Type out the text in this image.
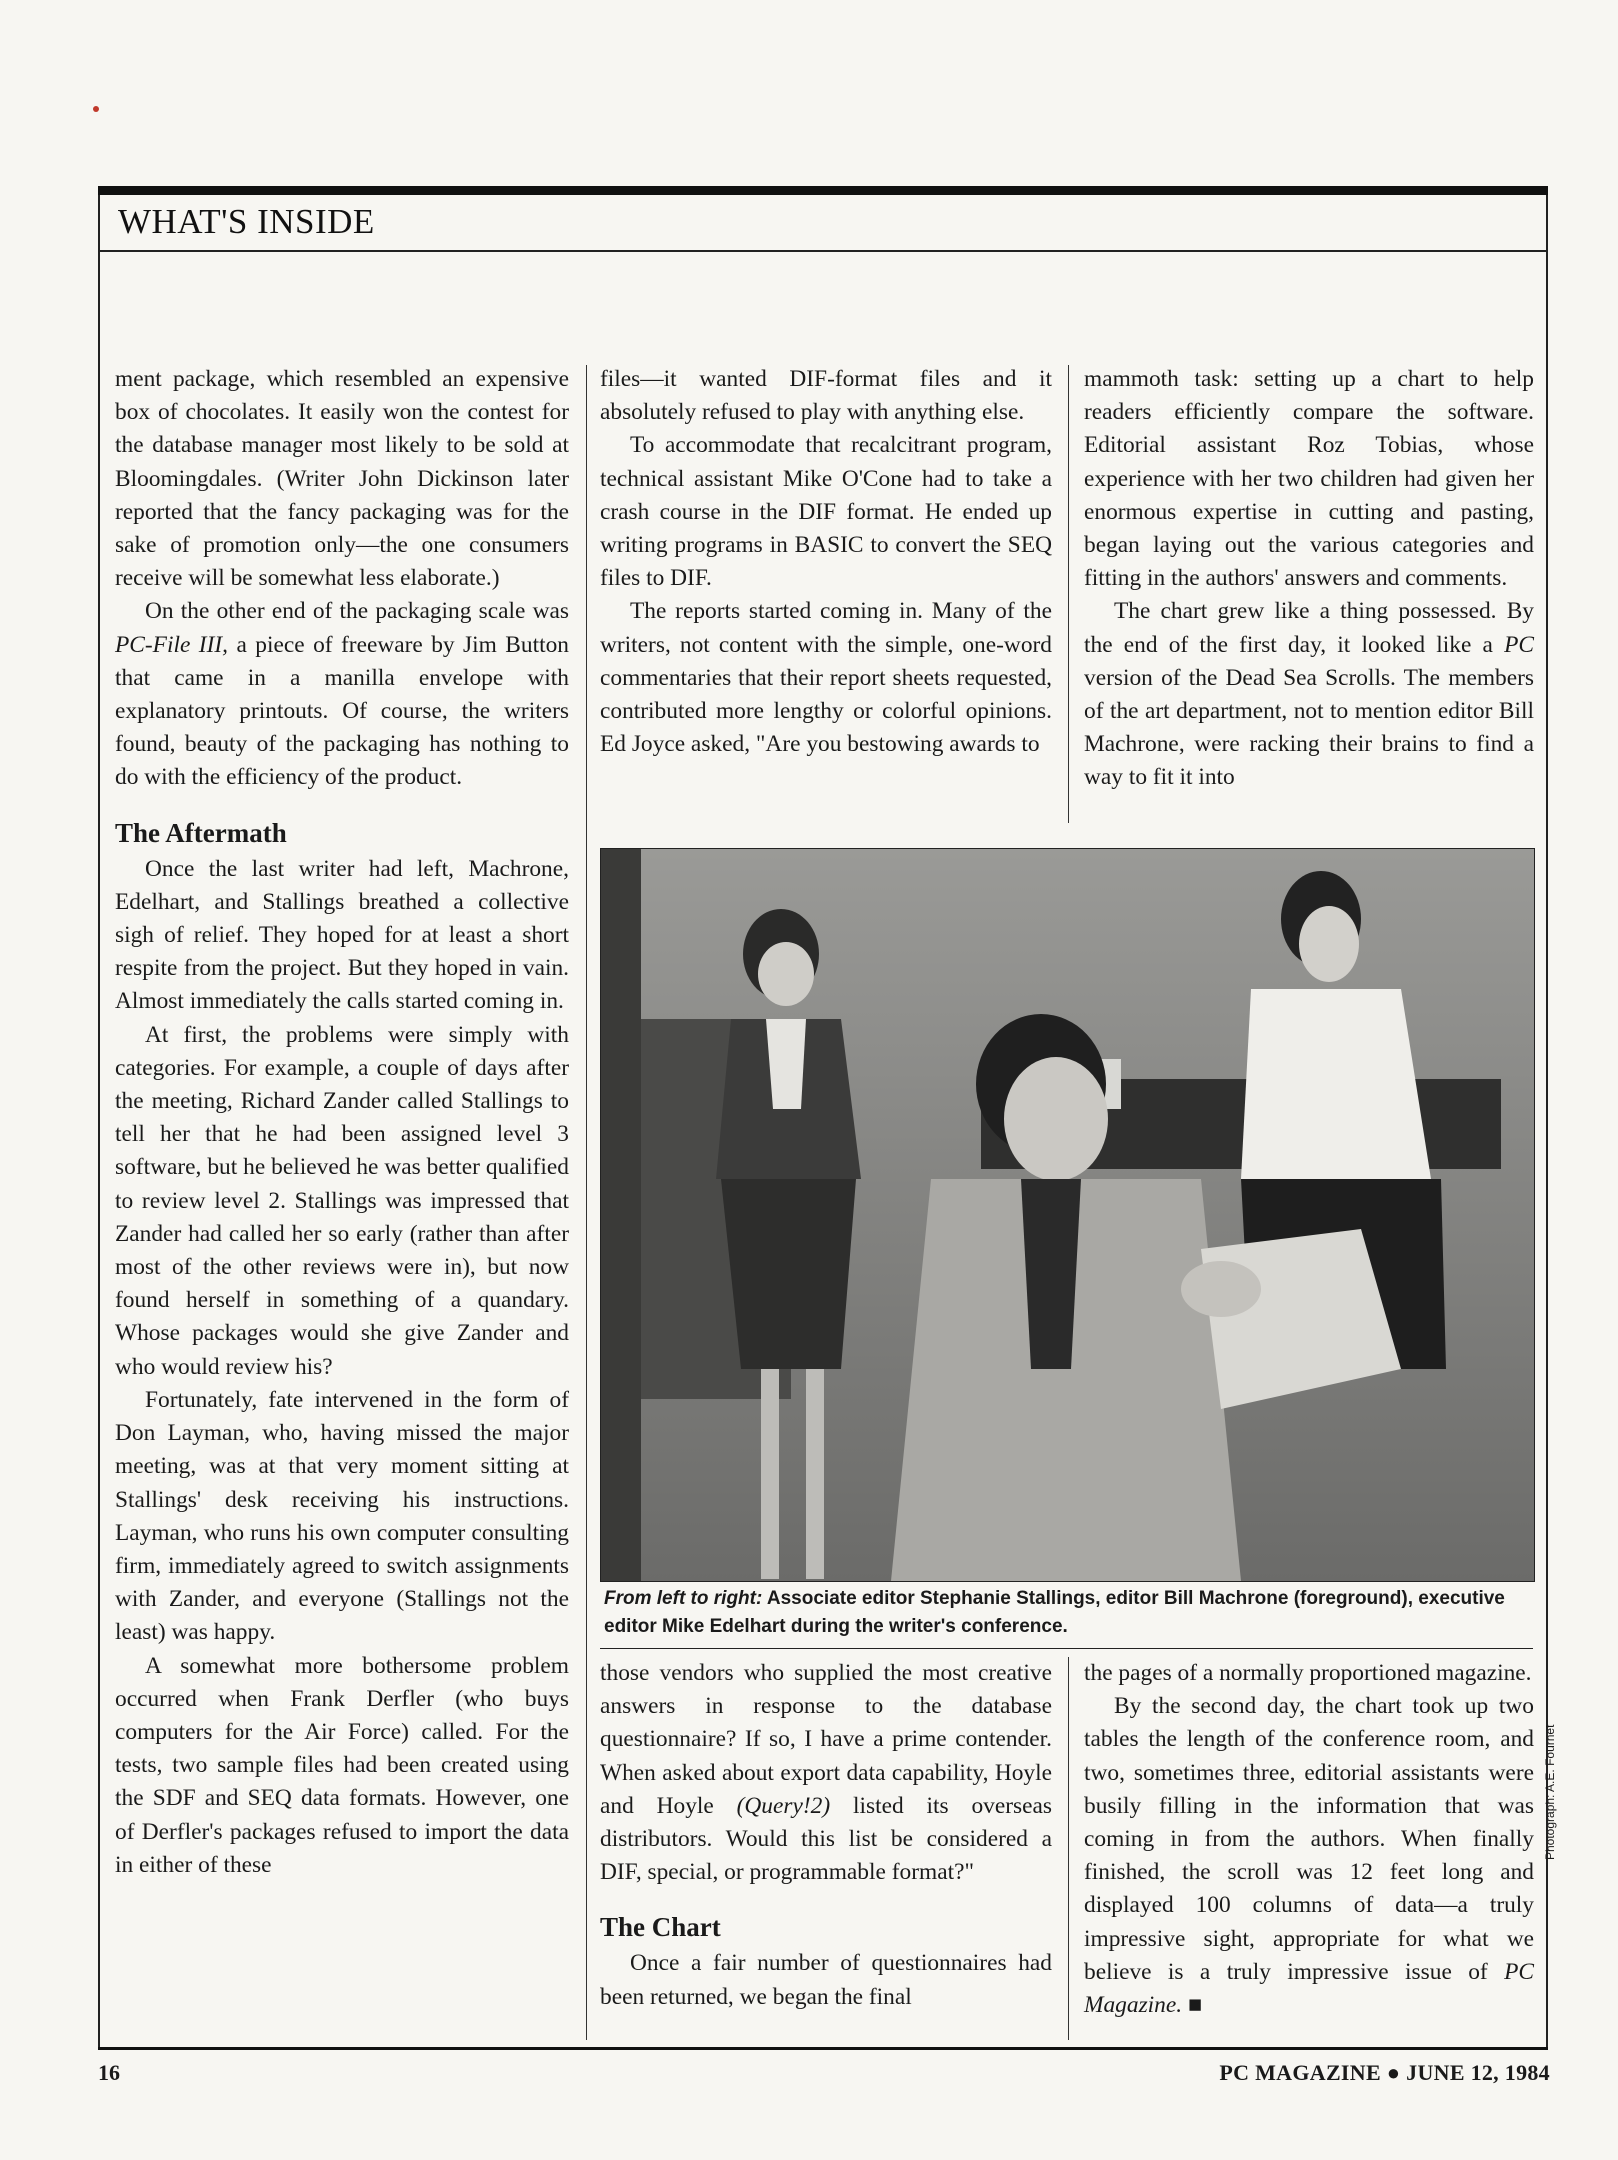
WHAT'S INSIDE

ment package, which resembled an expensive box of chocolates. It easily won the contest for the database manager most likely to be sold at Bloomingdales. (Writer John Dickinson later reported that the fancy packaging was for the sake of promotion only—the one consumers receive will be somewhat less elaborate.)

On the other end of the packaging scale was PC-File III, a piece of freeware by Jim Button that came in a manilla envelope with explanatory printouts. Of course, the writers found, beauty of the packaging has nothing to do with the efficiency of the product.

The Aftermath

Once the last writer had left, Machrone, Edelhart, and Stallings breathed a collective sigh of relief. They hoped for at least a short respite from the project. But they hoped in vain. Almost immediately the calls started coming in.

At first, the problems were simply with categories. For example, a couple of days after the meeting, Richard Zander called Stallings to tell her that he had been assigned level 3 software, but he believed he was better qualified to review level 2. Stallings was impressed that Zander had called her so early (rather than after most of the other reviews were in), but now found herself in something of a quandary. Whose packages would she give Zander and who would review his?

Fortunately, fate intervened in the form of Don Layman, who, having missed the major meeting, was at that very moment sitting at Stallings' desk receiving his instructions. Layman, who runs his own computer consulting firm, immediately agreed to switch assignments with Zander, and everyone (Stallings not the least) was happy.

A somewhat more bothersome problem occurred when Frank Derfler (who buys computers for the Air Force) called. For the tests, two sample files had been created using the SDF and SEQ data formats. However, one of Derfler's packages refused to import the data in either of these

files—it wanted DIF-format files and it absolutely refused to play with anything else.

To accommodate that recalcitrant program, technical assistant Mike O'Cone had to take a crash course in the DIF format. He ended up writing programs in BASIC to convert the SEQ files to DIF.

The reports started coming in. Many of the writers, not content with the simple, one-word commentaries that their report sheets requested, contributed more lengthy or colorful opinions. Ed Joyce asked, "Are you bestowing awards to

mammoth task: setting up a chart to help readers efficiently compare the software. Editorial assistant Roz Tobias, whose experience with her two children had given her enormous expertise in cutting and pasting, began laying out the various categories and fitting in the authors' answers and comments.

The chart grew like a thing possessed. By the end of the first day, it looked like a PC version of the Dead Sea Scrolls. The members of the art department, not to mention editor Bill Machrone, were racking their brains to find a way to fit it into

From left to right: Associate editor Stephanie Stallings, editor Bill Machrone (foreground), executive editor Mike Edelhart during the writer's conference.

those vendors who supplied the most creative answers in response to the database questionnaire? If so, I have a prime contender. When asked about export data capability, Hoyle and Hoyle (Query!2) listed its overseas distributors. Would this list be considered a DIF, special, or programmable format?"

The Chart

Once a fair number of questionnaires had been returned, we began the final

the pages of a normally proportioned magazine.

By the second day, the chart took up two tables the length of the conference room, and two, sometimes three, editorial assistants were busily filling in the information that was coming in from the authors. When finally finished, the scroll was 12 feet long and displayed 100 columns of data—a truly impressive sight, appropriate for what we believe is a truly impressive issue of PC Magazine. ■

Photograph: A.E. Fournet
16	PC MAGAZINE ● JUNE 12, 1984
